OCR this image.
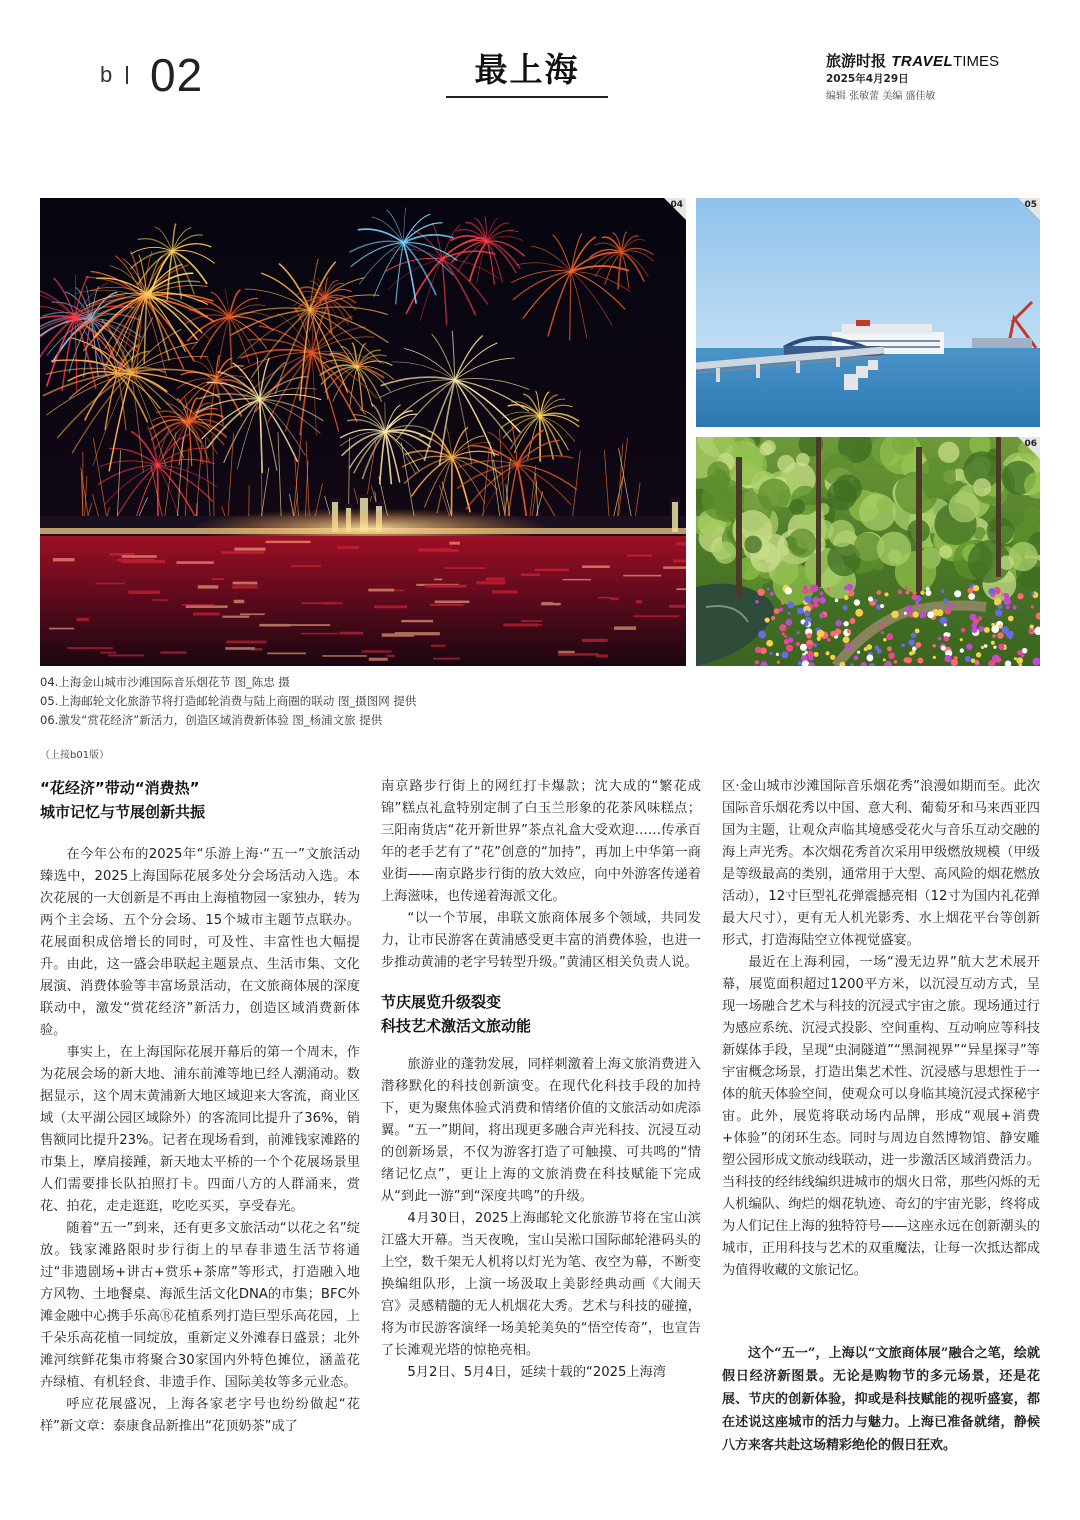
b 02	最上海	旅游时报 TRAVELTIMES
2025年4月29日
编辑 张敏蕾 美编 盛佳敏
04	05
06
04.上海金山城市沙滩国际音乐烟花节 图_陈忠 摄
05.上海邮轮文化旅游节将打造邮轮消费与陆上商圈的联动 图_摄图网 提供
06.激发“赏花经济”新活力，创造区域消费新体验 图_杨浦文旅 提供
（上接b01版）
“花经济”带动“消费热”
城市记忆与节展创新共振

在今年公布的2025年“乐游上海·“五一”文旅活动臻选中，2025上海国际花展多处分会场活动入选。本次花展的一大创新是不再由上海植物园一家独办，转为两个主会场、五个分会场、15个城市主题节点联办。花展面积成倍增长的同时，可及性、丰富性也大幅提升。由此，这一盛会串联起主题景点、生活市集、文化展演、消费体验等丰富场景活动，在文旅商体展的深度联动中，激发“赏花经济”新活力，创造区域消费新体验。

事实上，在上海国际花展开幕后的第一个周末，作为花展会场的新大地、浦东前滩等地已经人潮涌动。数据显示，这个周末黄浦新大地区域迎来大客流，商业区域（太平湖公园区域除外）的客流同比提升了36%，销售额同比提升23%。记者在现场看到，前滩钱家滩路的市集上，摩肩接踵，新天地太平桥的一个个花展场景里人们需要排长队拍照打卡。四面八方的人群涌来，赏花、拍花，走走逛逛，吃吃买买，享受春光。

随着“五一”到来，还有更多文旅活动“以花之名”绽放。钱家滩路限时步行街上的早春非遗生活节将通过“非遗剧场+讲古+赏乐+茶席”等形式，打造融入地方风物、土地餐桌、海派生活文化DNA的市集；BFC外滩金融中心携手乐高Ⓡ花植系列打造巨型乐高花园，上千朵乐高花植一同绽放，重新定义外滩春日盛景；北外滩河缤鲜花集市将聚合30家国内外特色摊位，涵盖花卉绿植、有机轻食、非遗手作、国际美妆等多元业态。

呼应花展盛况，上海各家老字号也纷纷做起“花样”新文章：泰康食品新推出“花顶奶茶”成了

南京路步行街上的网红打卡爆款；沈大成的“繁花成锦”糕点礼盒特别定制了白玉兰形象的花茶风味糕点；三阳南货店“花开新世界”茶点礼盒大受欢迎……传承百年的老手艺有了“花”创意的“加持”，再加上中华第一商业街——南京路步行街的放大效应，向中外游客传递着上海滋味，也传递着海派文化。

“以一个节展，串联文旅商体展多个领域，共同发力，让市民游客在黄浦感受更丰富的消费体验，也进一步推动黄浦的老字号转型升级。”黄浦区相关负责人说。

节庆展览升级裂变
科技艺术激活文旅动能

旅游业的蓬勃发展，同样刺激着上海文旅消费进入潜移默化的科技创新演变。在现代化科技手段的加持下，更为聚焦体验式消费和情绪价值的文旅活动如虎添翼。“五一”期间，将出现更多融合声光科技、沉浸互动的创新场景，不仅为游客打造了可触摸、可共鸣的“情绪记忆点”，更让上海的文旅消费在科技赋能下完成从“到此一游”到“深度共鸣”的升级。

4月30日，2025上海邮轮文化旅游节将在宝山滨江盛大开幕。当天夜晚，宝山吴淞口国际邮轮港码头的上空，数千架无人机将以灯光为笔、夜空为幕，不断变换编组队形，上演一场汲取上美影经典动画《大闹天宫》灵感精髓的无人机烟花大秀。艺术与科技的碰撞，将为市民游客演绎一场美轮美奂的“悟空传奇”，也宣告了长滩观光塔的惊艳亮相。

5月2日、5月4日，延续十载的“2025上海湾

区·金山城市沙滩国际音乐烟花秀”浪漫如期而至。此次国际音乐烟花秀以中国、意大利、葡萄牙和马来西亚四国为主题，让观众声临其境感受花火与音乐互动交融的海上声光秀。本次烟花秀首次采用甲级燃放规模（甲级是等级最高的类别，通常用于大型、高风险的烟花燃放活动），12寸巨型礼花弹震撼亮相（12寸为国内礼花弹最大尺寸），更有无人机光影秀、水上烟花平台等创新形式，打造海陆空立体视觉盛宴。

最近在上海利园，一场“漫无边界”航大艺术展开幕，展览面积超过1200平方米，以沉浸互动方式，呈现一场融合艺术与科技的沉浸式宇宙之旅。现场通过行为感应系统、沉浸式投影、空间重构、互动响应等科技新媒体手段，呈现“虫洞隧道”“黑洞视界”“异星探寻”等宇宙概念场景，打造出集艺术性、沉浸感与思想性于一体的航天体验空间，使观众可以身临其境沉浸式探秘宇宙。此外，展览将联动场内品牌，形成“观展+消费+体验”的闭环生态。同时与周边自然博物馆、静安雕塑公园形成文旅动线联动，进一步激活区域消费活力。当科技的经纬线编织进城市的烟火日常，那些闪烁的无人机编队、绚烂的烟花轨迹、奇幻的宇宙光影，终将成为人们记住上海的独特符号——这座永远在创新潮头的城市，正用科技与艺术的双重魔法，让每一次抵达都成为值得收藏的文旅记忆。

这个“五一”，上海以“文旅商体展”融合之笔，绘就假日经济新图景。无论是购物节的多元场景，还是花展、节庆的创新体验，抑或是科技赋能的视听盛宴，都在述说这座城市的活力与魅力。上海已准备就绪，静候八方来客共赴这场精彩绝伦的假日狂欢。
